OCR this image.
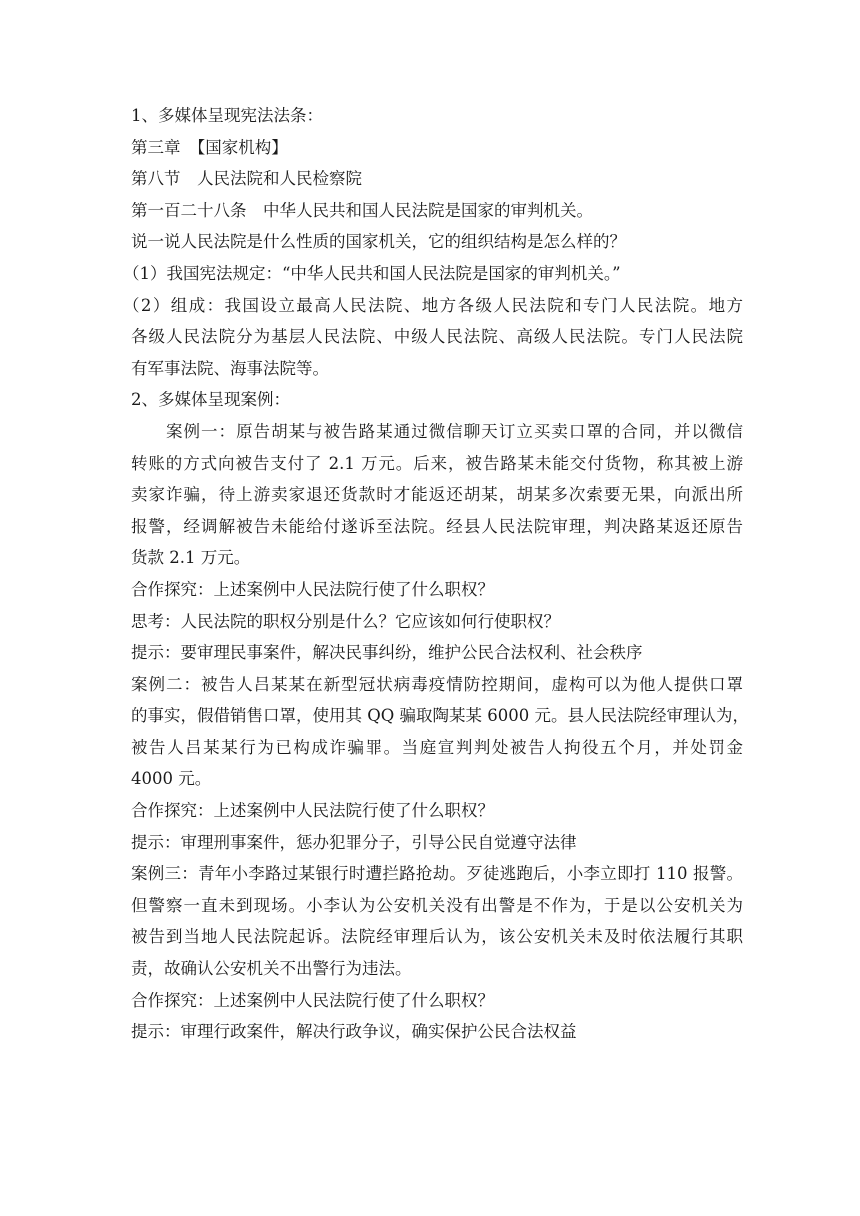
1、多媒体呈现宪法法条：
第三章　【国家机构】
第八节　人民法院和人民检察院
第一百二十八条　中华人民共和国人民法院是国家的审判机关。
说一说人民法院是什么性质的国家机关，它的组织结构是怎么样的？
（1）我国宪法规定：“中华人民共和国人民法院是国家的审判机关。”
（2）组成：我国设立最高人民法院、地方各级人民法院和专门人民法院。地方
各级人民法院分为基层人民法院、中级人民法院、高级人民法院。专门人民法院
有军事法院、海事法院等。
2、多媒体呈现案例：
案例一：原告胡某与被告路某通过微信聊天订立买卖口罩的合同，并以微信
转账的方式向被告支付了 2.1 万元。后来，被告路某未能交付货物，称其被上游
卖家诈骗，待上游卖家退还货款时才能返还胡某，胡某多次索要无果，向派出所
报警，经调解被告未能给付遂诉至法院。经县人民法院审理，判决路某返还原告
货款 2.1 万元。
合作探究：上述案例中人民法院行使了什么职权？
思考：人民法院的职权分别是什么？它应该如何行使职权？
提示：要审理民事案件，解决民事纠纷，维护公民合法权利、社会秩序
案例二：被告人吕某某在新型冠状病毒疫情防控期间，虚构可以为他人提供口罩
的事实，假借销售口罩，使用其 QQ 骗取陶某某 6000 元。县人民法院经审理认为，
被告人吕某某行为已构成诈骗罪。当庭宣判判处被告人拘役五个月，并处罚金
4000 元。
合作探究：上述案例中人民法院行使了什么职权？
提示：审理刑事案件，惩办犯罪分子，引导公民自觉遵守法律
案例三：青年小李路过某银行时遭拦路抢劫。歹徒逃跑后，小李立即打 110 报警。
但警察一直未到现场。小李认为公安机关没有出警是不作为，于是以公安机关为
被告到当地人民法院起诉。法院经审理后认为，该公安机关未及时依法履行其职
责，故确认公安机关不出警行为违法。
合作探究：上述案例中人民法院行使了什么职权？
提示：审理行政案件，解决行政争议，确实保护公民合法权益
